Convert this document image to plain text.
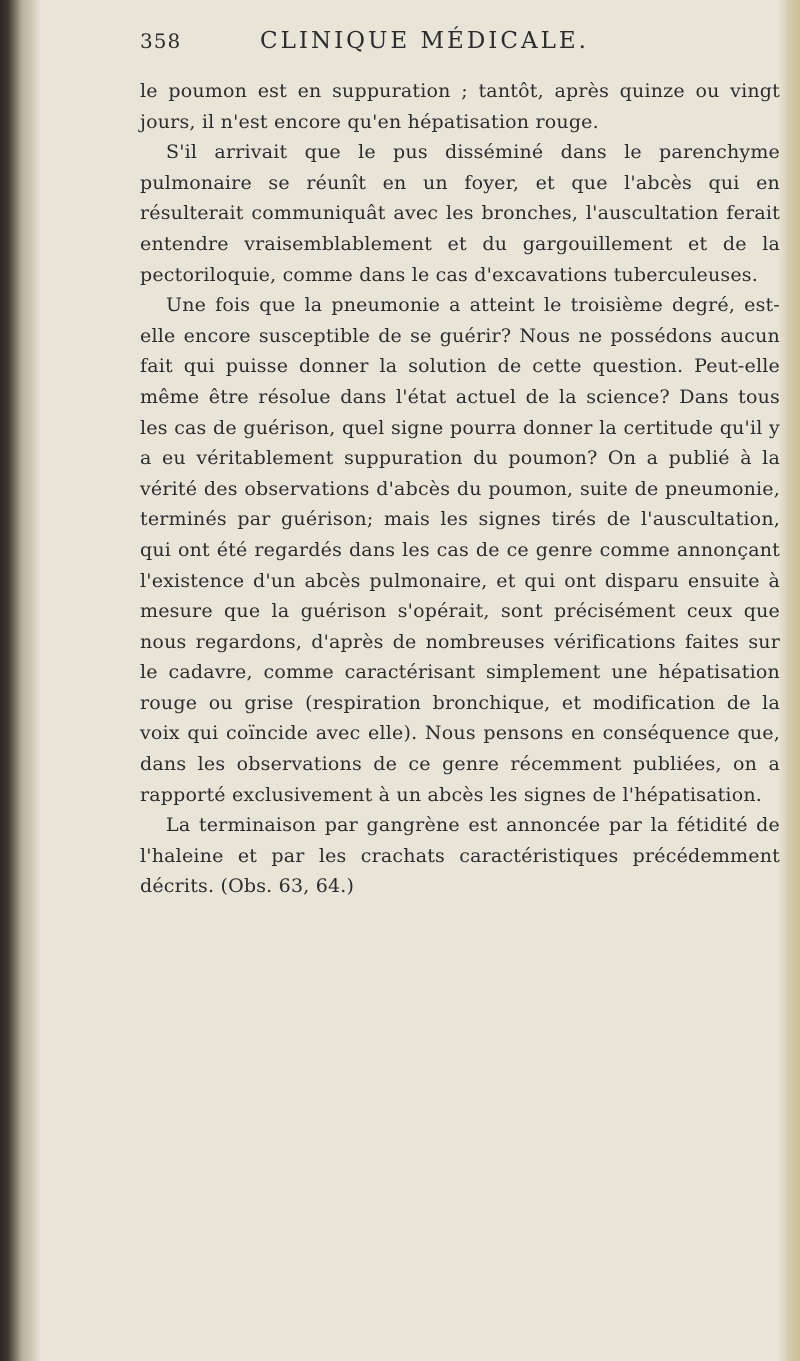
358	CLINIQUE MÉDICALE.

le poumon est en suppuration ; tantôt, après quinze ou vingt jours, il n'est encore qu'en hépatisation rouge.

S'il arrivait que le pus disséminé dans le parenchyme pulmonaire se réunît en un foyer, et que l'abcès qui en résulterait communiquât avec les bronches, l'auscultation ferait entendre vraisemblablement et du gargouillement et de la pectoriloquie, comme dans le cas d'excavations tuberculeuses.

Une fois que la pneumonie a atteint le troisième degré, est-elle encore susceptible de se guérir? Nous ne possédons aucun fait qui puisse donner la solution de cette question. Peut-elle même être résolue dans l'état actuel de la science? Dans tous les cas de guérison, quel signe pourra donner la certitude qu'il y a eu véritablement suppuration du poumon? On a publié à la vérité des observations d'abcès du poumon, suite de pneumonie, terminés par guérison; mais les signes tirés de l'auscultation, qui ont été regardés dans les cas de ce genre comme annonçant l'existence d'un abcès pulmonaire, et qui ont disparu ensuite à mesure que la guérison s'opérait, sont précisément ceux que nous regardons, d'après de nombreuses vérifications faites sur le cadavre, comme caractérisant simplement une hépatisation rouge ou grise (respiration bronchique, et modification de la voix qui coïncide avec elle). Nous pensons en conséquence que, dans les observations de ce genre récemment publiées, on a rapporté exclusivement à un abcès les signes de l'hépatisation.

La terminaison par gangrène est annoncée par la fétidité de l'haleine et par les crachats caractéristiques précédemment décrits. (Obs. 63, 64.)
